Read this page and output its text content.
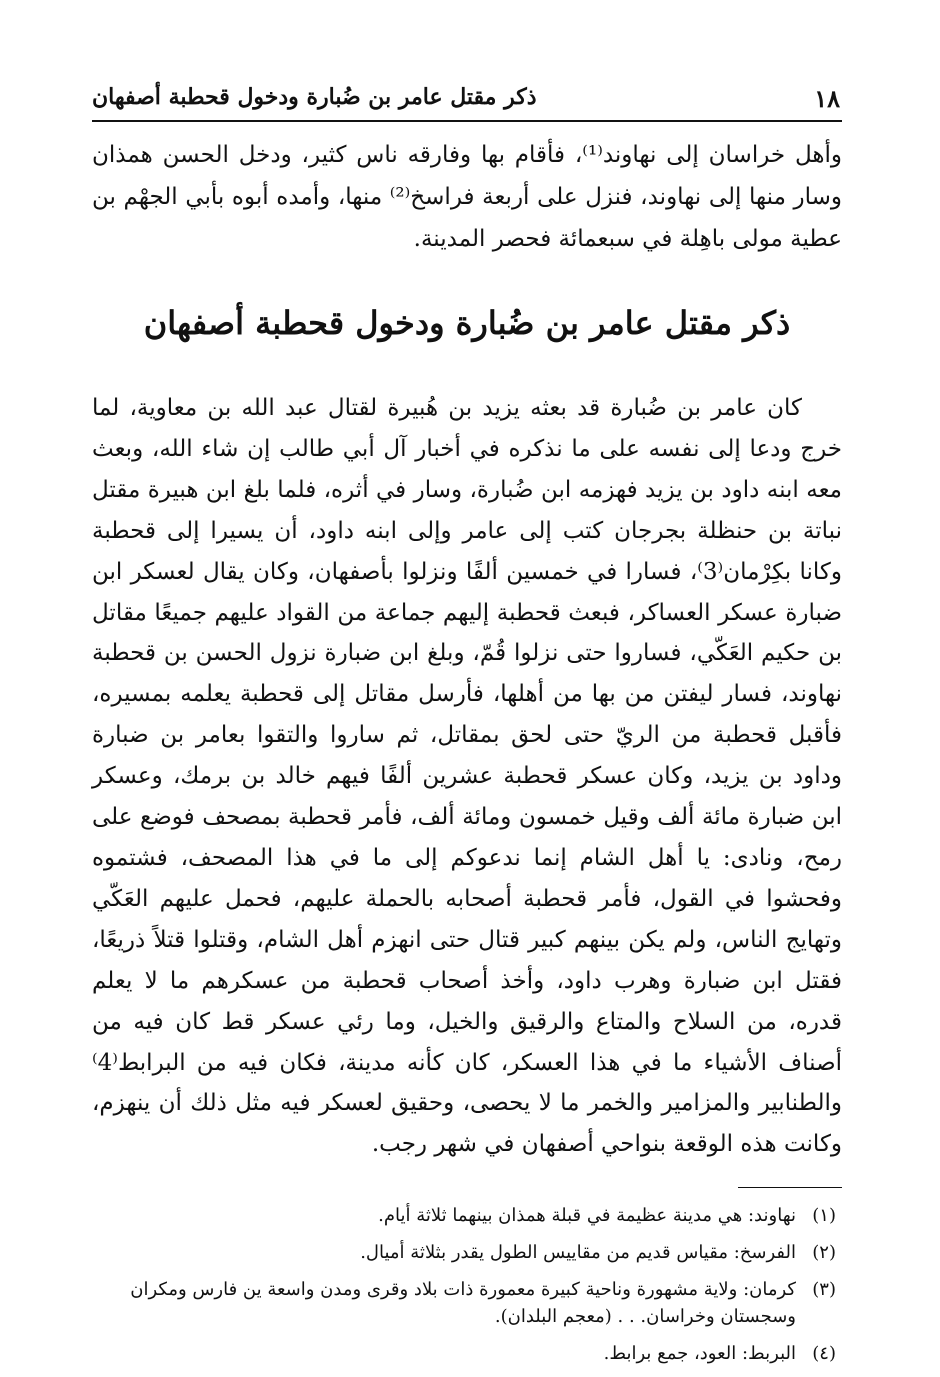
١٨
ذكر مقتل عامر بن ضُبارة ودخول قحطبة أصفهان
وأهل خراسان إلى نهاوند⁽¹⁾، فأقام بها وفارقه ناس كثير، ودخل الحسن همذان وسار منها إلى نهاوند، فنزل على أربعة فراسخ⁽²⁾ منها، وأمده أبوه بأبي الجهْم بن عطية مولى باهِلة في سبعمائة فحصر المدينة.
ذكر مقتل عامر بن ضُبارة ودخول قحطبة أصفهان

كان عامر بن ضُبارة قد بعثه يزيد بن هُبيرة لقتال عبد الله بن معاوية، لما خرج ودعا إلى نفسه على ما نذكره في أخبار آل أبي طالب إن شاء الله، وبعث معه ابنه داود بن يزيد فهزمه ابن ضُبارة، وسار في أثره، فلما بلغ ابن هبيرة مقتل نباتة بن حنظلة بجرجان كتب إلى عامر وإلى ابنه داود، أن يسيرا إلى قحطبة وكانا بكِرْمان⁽3⁾، فسارا في خمسين ألفًا ونزلوا بأصفهان، وكان يقال لعسكر ابن ضبارة عسكر العساكر، فبعث قحطبة إليهم جماعة من القواد عليهم جميعًا مقاتل بن حكيم العَكّي، فساروا حتى نزلوا قُمّ، وبلغ ابن ضبارة نزول الحسن بن قحطبة نهاوند، فسار ليفتن من بها من أهلها، فأرسل مقاتل إلى قحطبة يعلمه بمسيره، فأقبل قحطبة من الريّ حتى لحق بمقاتل، ثم ساروا والتقوا بعامر بن ضبارة وداود بن يزيد، وكان عسكر قحطبة عشرين ألفًا فيهم خالد بن برمك، وعسكر ابن ضبارة مائة ألف وقيل خمسون ومائة ألف، فأمر قحطبة بمصحف فوضع على رمح، ونادى: يا أهل الشام إنما ندعوكم إلى ما في هذا المصحف، فشتموه وفحشوا في القول، فأمر قحطبة أصحابه بالحملة عليهم، فحمل عليهم العَكّي وتهايج الناس، ولم يكن بينهم كبير قتال حتى انهزم أهل الشام، وقتلوا قتلاً ذريعًا، فقتل ابن ضبارة وهرب داود، وأخذ أصحاب قحطبة من عسكرهم ما لا يعلم قدره، من السلاح والمتاع والرقيق والخيل، وما رئي عسكر قط كان فيه من أصناف الأشياء ما في هذا العسكر، كان كأنه مدينة، فكان فيه من البرابط⁽4⁾ والطنابير والمزامير والخمر ما لا يحصى، وحقيق لعسكر فيه مثل ذلك أن ينهزم، وكانت هذه الوقعة بنواحي أصفهان في شهر رجب.

(١)
نهاوند: هي مدينة عظيمة في قبلة همذان بينهما ثلاثة أيام.
(٢)
الفرسخ: مقياس قديم من مقاييس الطول يقدر بثلاثة أميال.
(٣)
كرمان: ولاية مشهورة وناحية كبيرة معمورة ذات بلاد وقرى ومدن واسعة ين فارس ومكران وسجستان وخراسان. . . (معجم البلدان).
(٤)
البربط: العود، جمع برابط.
